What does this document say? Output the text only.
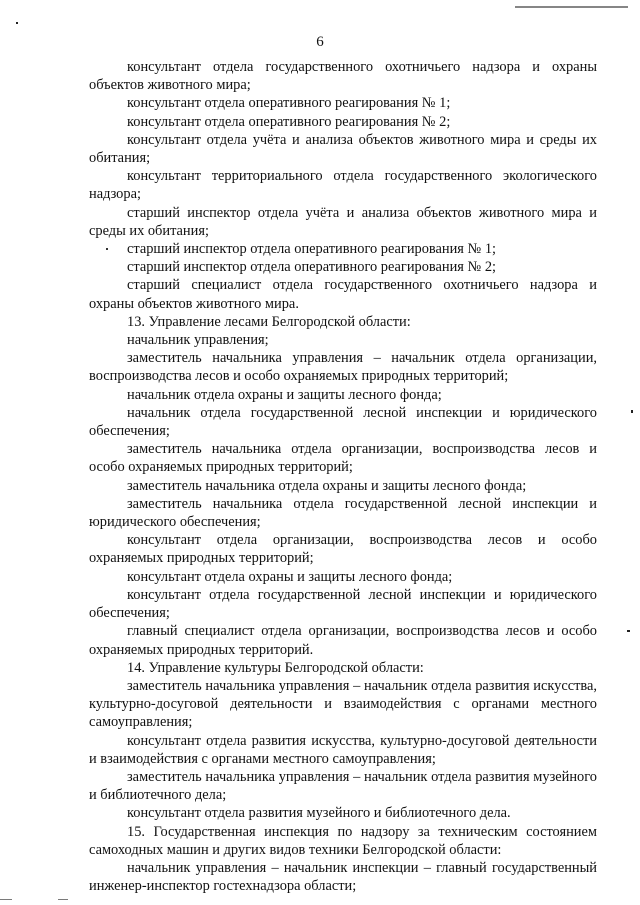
6

консультант отдела государственного охотничьего надзора и охраны объектов животного мира;

консультант отдела оперативного реагирования № 1;

консультант отдела оперативного реагирования № 2;

консультант отдела учёта и анализа объектов животного мира и среды их обитания;

консультант территориального отдела государственного экологического надзора;

старший инспектор отдела учёта и анализа объектов животного мира и среды их обитания;

старший инспектор отдела оперативного реагирования № 1;

старший инспектор отдела оперативного реагирования № 2;

старший специалист отдела государственного охотничьего надзора и охраны объектов животного мира.

13. Управление лесами Белгородской области:

начальник управления;

заместитель начальника управления – начальник отдела организации, воспроизводства лесов и особо охраняемых природных территорий;

начальник отдела охраны и защиты лесного фонда;

начальник отдела государственной лесной инспекции и юридического обеспечения;

заместитель начальника отдела организации, воспроизводства лесов и особо охраняемых природных территорий;

заместитель начальника отдела охраны и защиты лесного фонда;

заместитель начальника отдела государственной лесной инспекции и юридического обеспечения;

консультант отдела организации, воспроизводства лесов и особо охраняемых природных территорий;

консультант отдела охраны и защиты лесного фонда;

консультант отдела государственной лесной инспекции и юридического обеспечения;

главный специалист отдела организации, воспроизводства лесов и особо охраняемых природных территорий.

14. Управление культуры Белгородской области:

заместитель начальника управления – начальник отдела развития искусства, культурно-досуговой деятельности и взаимодействия с органами местного самоуправления;

консультант отдела развития искусства, культурно-досуговой деятельности и взаимодействия с органами местного самоуправления;

заместитель начальника управления – начальник отдела развития музейного и библиотечного дела;

консультант отдела развития музейного и библиотечного дела.

15. Государственная инспекция по надзору за техническим состоянием самоходных машин и других видов техники Белгородской области:

начальник управления – начальник инспекции – главный государственный инженер-инспектор гостехнадзора области;
